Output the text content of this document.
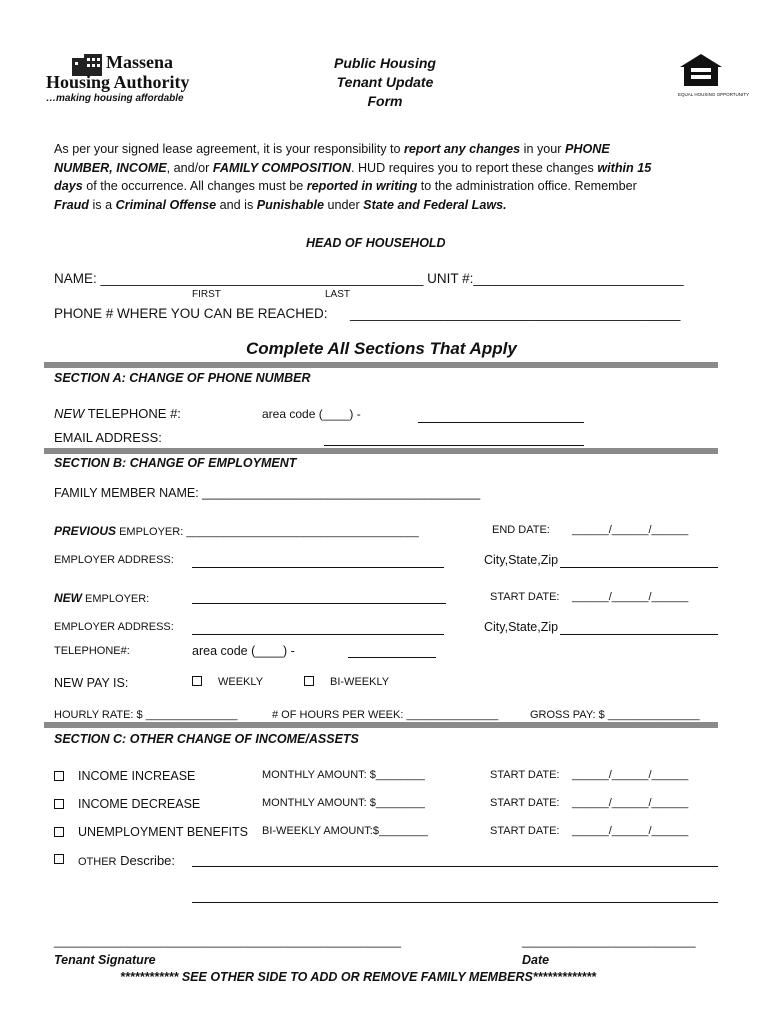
Massena
Housing Authority
…making housing affordable
Public Housing
Tenant Update
Form	EQUAL HOUSING OPPORTUNITY
As per your signed lease agreement, it is your responsibility to report any changes in your PHONE
NUMBER, INCOME, and/or FAMILY COMPOSITION. HUD requires you to report these changes within 15
days of the occurrence. All changes must be reported in writing to the administration office. Remember
Fraud is a Criminal Offense and is Punishable under State and Federal Laws.
HEAD OF HOUSEHOLD
NAME: ___________________________________________ UNIT #:____________________________
FIRST	LAST
PHONE # WHERE YOU CAN BE REACHED: ____________________________________________
Complete All Sections That Apply
SECTION A: CHANGE OF PHONE NUMBER
NEW TELEPHONE #:	area code (____) -
EMAIL ADDRESS:
SECTION B: CHANGE OF EMPLOYMENT
FAMILY MEMBER NAME: ________________________________________
PREVIOUS EMPLOYER: ______________________________________	END DATE: ______/______/______
EMPLOYER ADDRESS:	City,State,Zip
NEW EMPLOYER:	START DATE: ______/______/______
EMPLOYER ADDRESS:	City,State,Zip
TELEPHONE#:	area code (____) -
NEW PAY IS:	WEEKLY	BI-WEEKLY
HOURLY RATE: $ _______________	# OF HOURS PER WEEK: _______________	GROSS PAY: $ _______________
SECTION C: OTHER CHANGE OF INCOME/ASSETS
INCOME INCREASE	MONTHLY AMOUNT: $________	START DATE: ______/______/______
INCOME DECREASE	MONTHLY AMOUNT: $________	START DATE: ______/______/______
UNEMPLOYMENT BENEFITS BI-WEEKLY AMOUNT:$________	START DATE: ______/______/______
OTHER Describe:
____________________________________________________	__________________________
Tenant Signature	Date
************ SEE OTHER SIDE TO ADD OR REMOVE FAMILY MEMBERS*************
